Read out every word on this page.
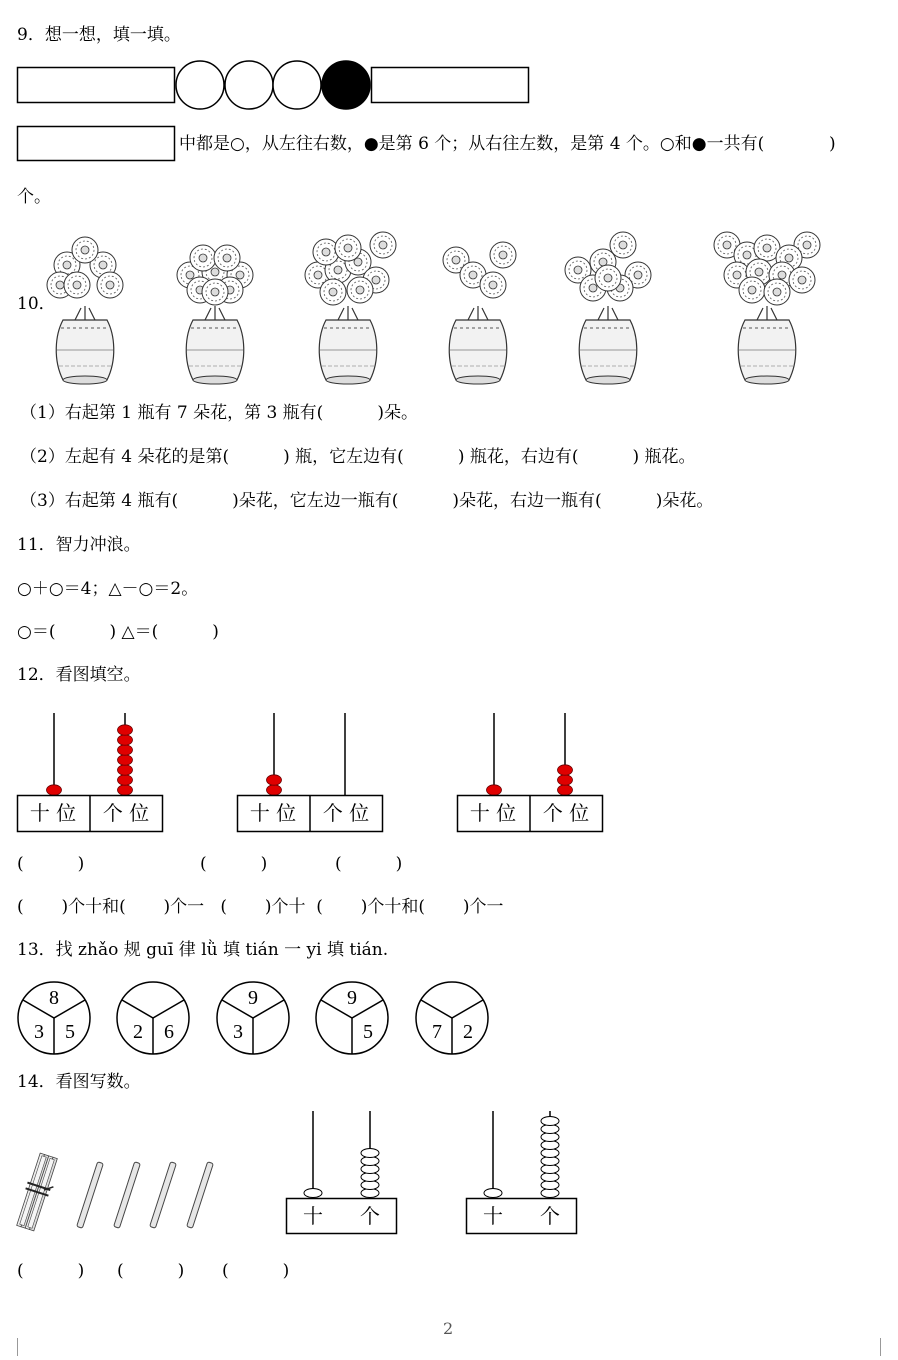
9．想一想，填一填。
中都是○，从左往右数，●是第 6 个；从右往左数，是第 4 个。○和●一共有(            )
个。
10．
（1）右起第 1 瓶有 7 朵花，第 3 瓶有(          )朵。
（2）左起有 4 朵花的是第(          ) 瓶，它左边有(          ) 瓶花，右边有(          ) 瓶花。
（3）右起第 4 瓶有(          )朵花，它左边一瓶有(          )朵花，右边一瓶有(          )朵花。
11．智力冲浪。
○＋○＝4；△－○＝2。
○＝(          ) △＝(          )
12．看图填空。
十 位 个 位	十 位 个 位	十 位 个 位
(          )	(          )	(          )
(       )个十和(       )个一   (       )个十  (       )个十和(       )个一
13．找 zhǎo 规 guī 律 lǜ 填 tián 一 yi 填 tián.
8
3 5	2 6
9
3
9
5	7 2
14．看图写数。
十 个	十 个
(          ) (          ) (          )
2
